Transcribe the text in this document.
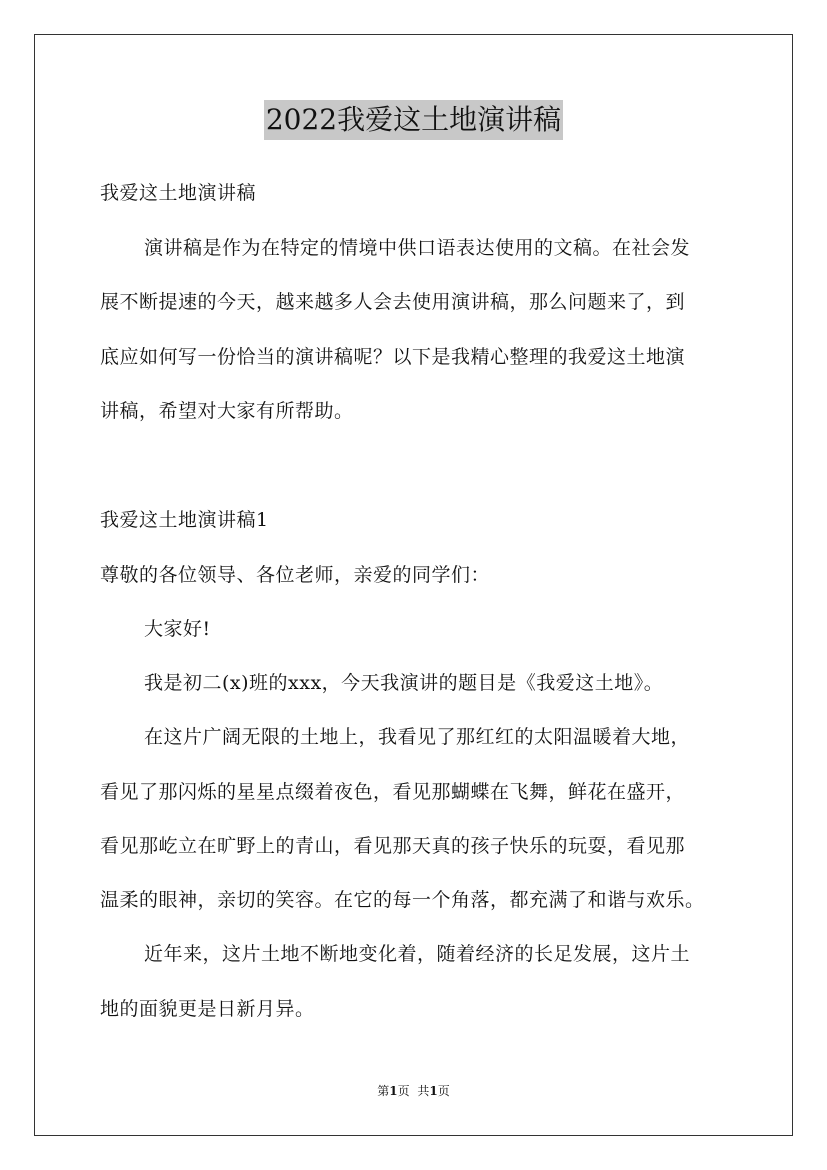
2022我爱这土地演讲稿
我爱这土地演讲稿
演讲稿是作为在特定的情境中供口语表达使用的文稿。在社会发
展不断提速的今天，越来越多人会去使用演讲稿，那么问题来了，到
底应如何写一份恰当的演讲稿呢？以下是我精心整理的我爱这土地演
讲稿，希望对大家有所帮助。
我爱这土地演讲稿1
尊敬的各位领导、各位老师，亲爱的同学们：
大家好!
我是初二(x)班的xxx，今天我演讲的题目是《我爱这土地》。
在这片广阔无限的土地上，我看见了那红红的太阳温暖着大地，
看见了那闪烁的星星点缀着夜色，看见那蝴蝶在飞舞，鲜花在盛开，
看见那屹立在旷野上的青山，看见那天真的孩子快乐的玩耍，看见那
温柔的眼神，亲切的笑容。在它的每一个角落，都充满了和谐与欢乐。
近年来，这片土地不断地变化着，随着经济的长足发展，这片土
地的面貌更是日新月异。
第1页 共1页
